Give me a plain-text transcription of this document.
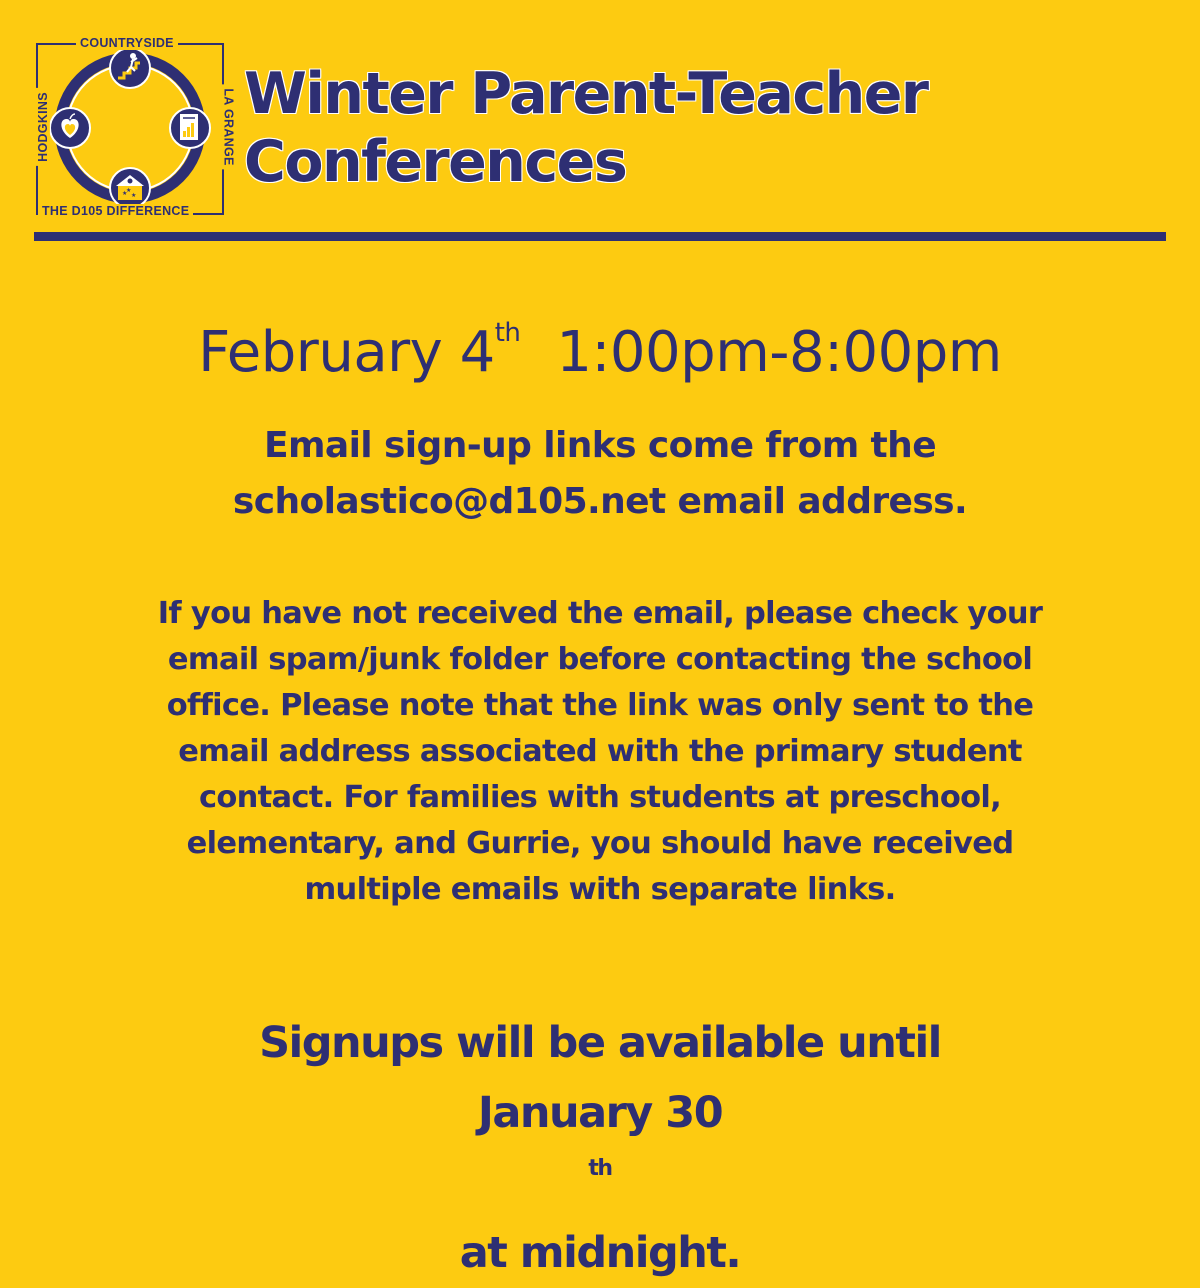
★ ★
★
COUNTRYSIDE
THE D105 DIFFERENCE
HODGKINS	LA GRANGE Winter Parent-Teacher
Conferences
February 4th 1:00pm-8:00pm
Email sign-up links come from the
scholastico@d105.net email address.
If you have not received the email, please check your
email spam/junk folder before contacting the school
office. Please note that the link was only sent to the
email address associated with the primary student
contact. For families with students at preschool,
elementary, and Gurrie, you should have received
multiple emails with separate links.
Signups will be available until
January 30
$^{th}$
at midnight.
